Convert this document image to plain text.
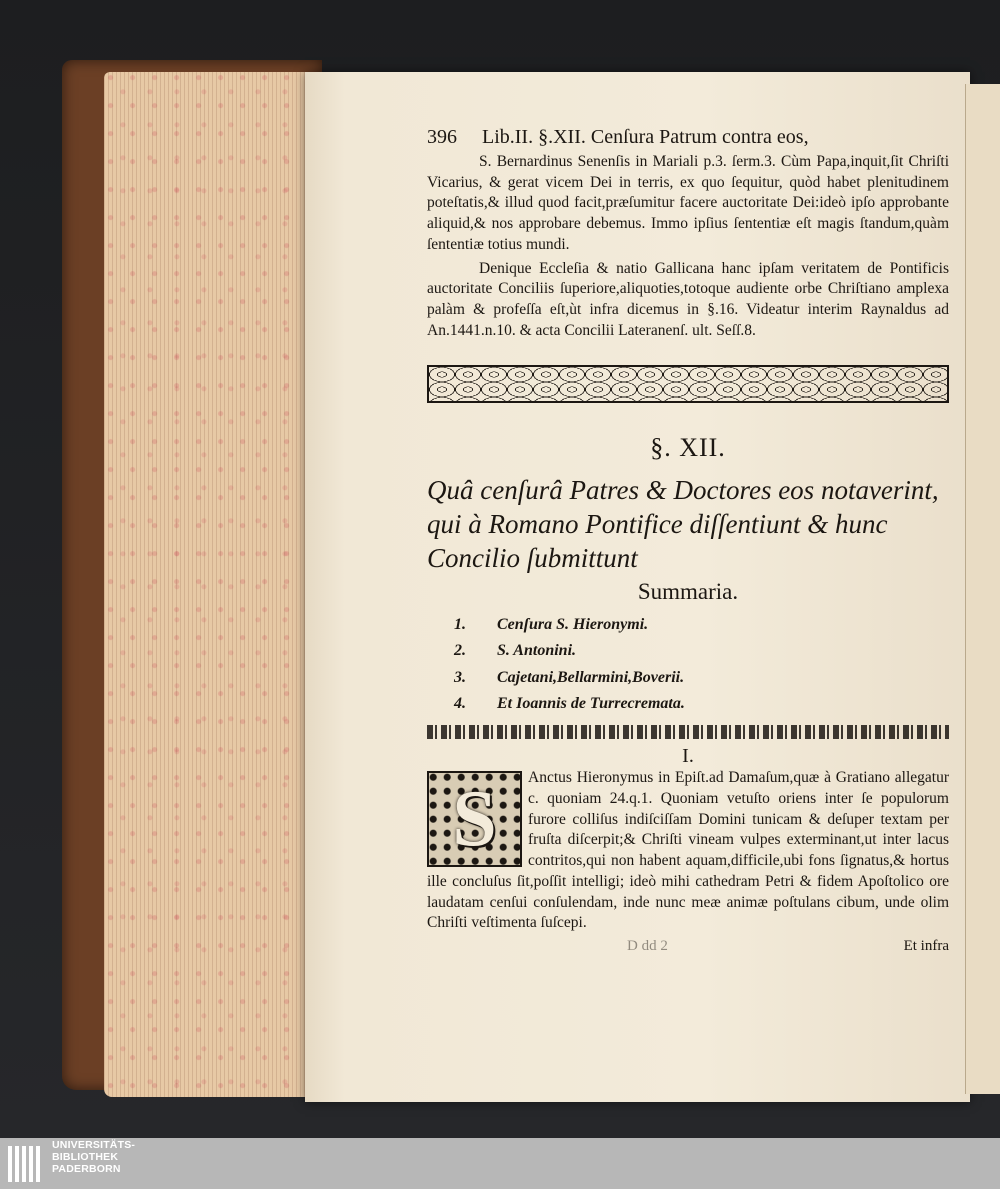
396	Lib.II. §.XII. Cenſura Patrum contra eos,

S. Bernardinus Senenſis in Mariali p.3. ſerm.3. Cùm Papa,inquit,ſit Chriſti Vicarius, & gerat vicem Dei in terris, ex quo ſequitur, quòd habet plenitudinem poteſtatis,& illud quod facit,præſumitur facere auctoritate Dei:ideò ipſo approbante aliquid,& nos approbare debemus. Immo ipſius ſententiæ eſt magis ſtandum,quàm ſententiæ totius mundi.

Denique Eccleſia & natio Gallicana hanc ipſam veritatem de Pontificis auctoritate Conciliis ſuperiore,aliquoties,totoque audiente orbe Chriſtiano amplexa palàm & profeſſa eſt,ùt infra dicemus in §.16. Videatur interim Raynaldus ad An.1441.n.10. & acta Concilii Lateranenſ. ult. Seſſ.8.

§. XII.
Quâ cenſurâ Patres & Doctores eos notaverint, qui à Romano Pontifice diſſentiunt & hunc Concilio ſubmittunt
Summaria.
1.	Cenſura S. Hieronymi.
2.	S. Antonini.
3.	Cajetani,Bellarmini,Boverii.
4.	Et Ioannis de Turrecremata.
I.
S	Anctus Hieronymus in Epiſt.ad Damaſum,quæ à Gratiano allegatur c. quoniam 24.q.1. Quoniam vetuſto oriens inter ſe populorum furore colliſus indiſciſſam Domini tunicam & deſuper textam per fruſta diſcerpit;& Chriſti vineam vulpes exterminant,ut inter lacus contritos,qui non habent aquam,difficile,ubi fons ſignatus,& hortus ille concluſus ſit,poſſit intelligi; ideò mihi cathedram Petri & fidem Apoſtolico ore laudatam cenſui conſulendam, inde nunc meæ animæ poſtulans cibum, unde olim Chriſti veſtimenta ſuſcepi.

D dd 2	Et infra
UNIVERSITÄTS-
BIBLIOTHEK
PADERBORN
